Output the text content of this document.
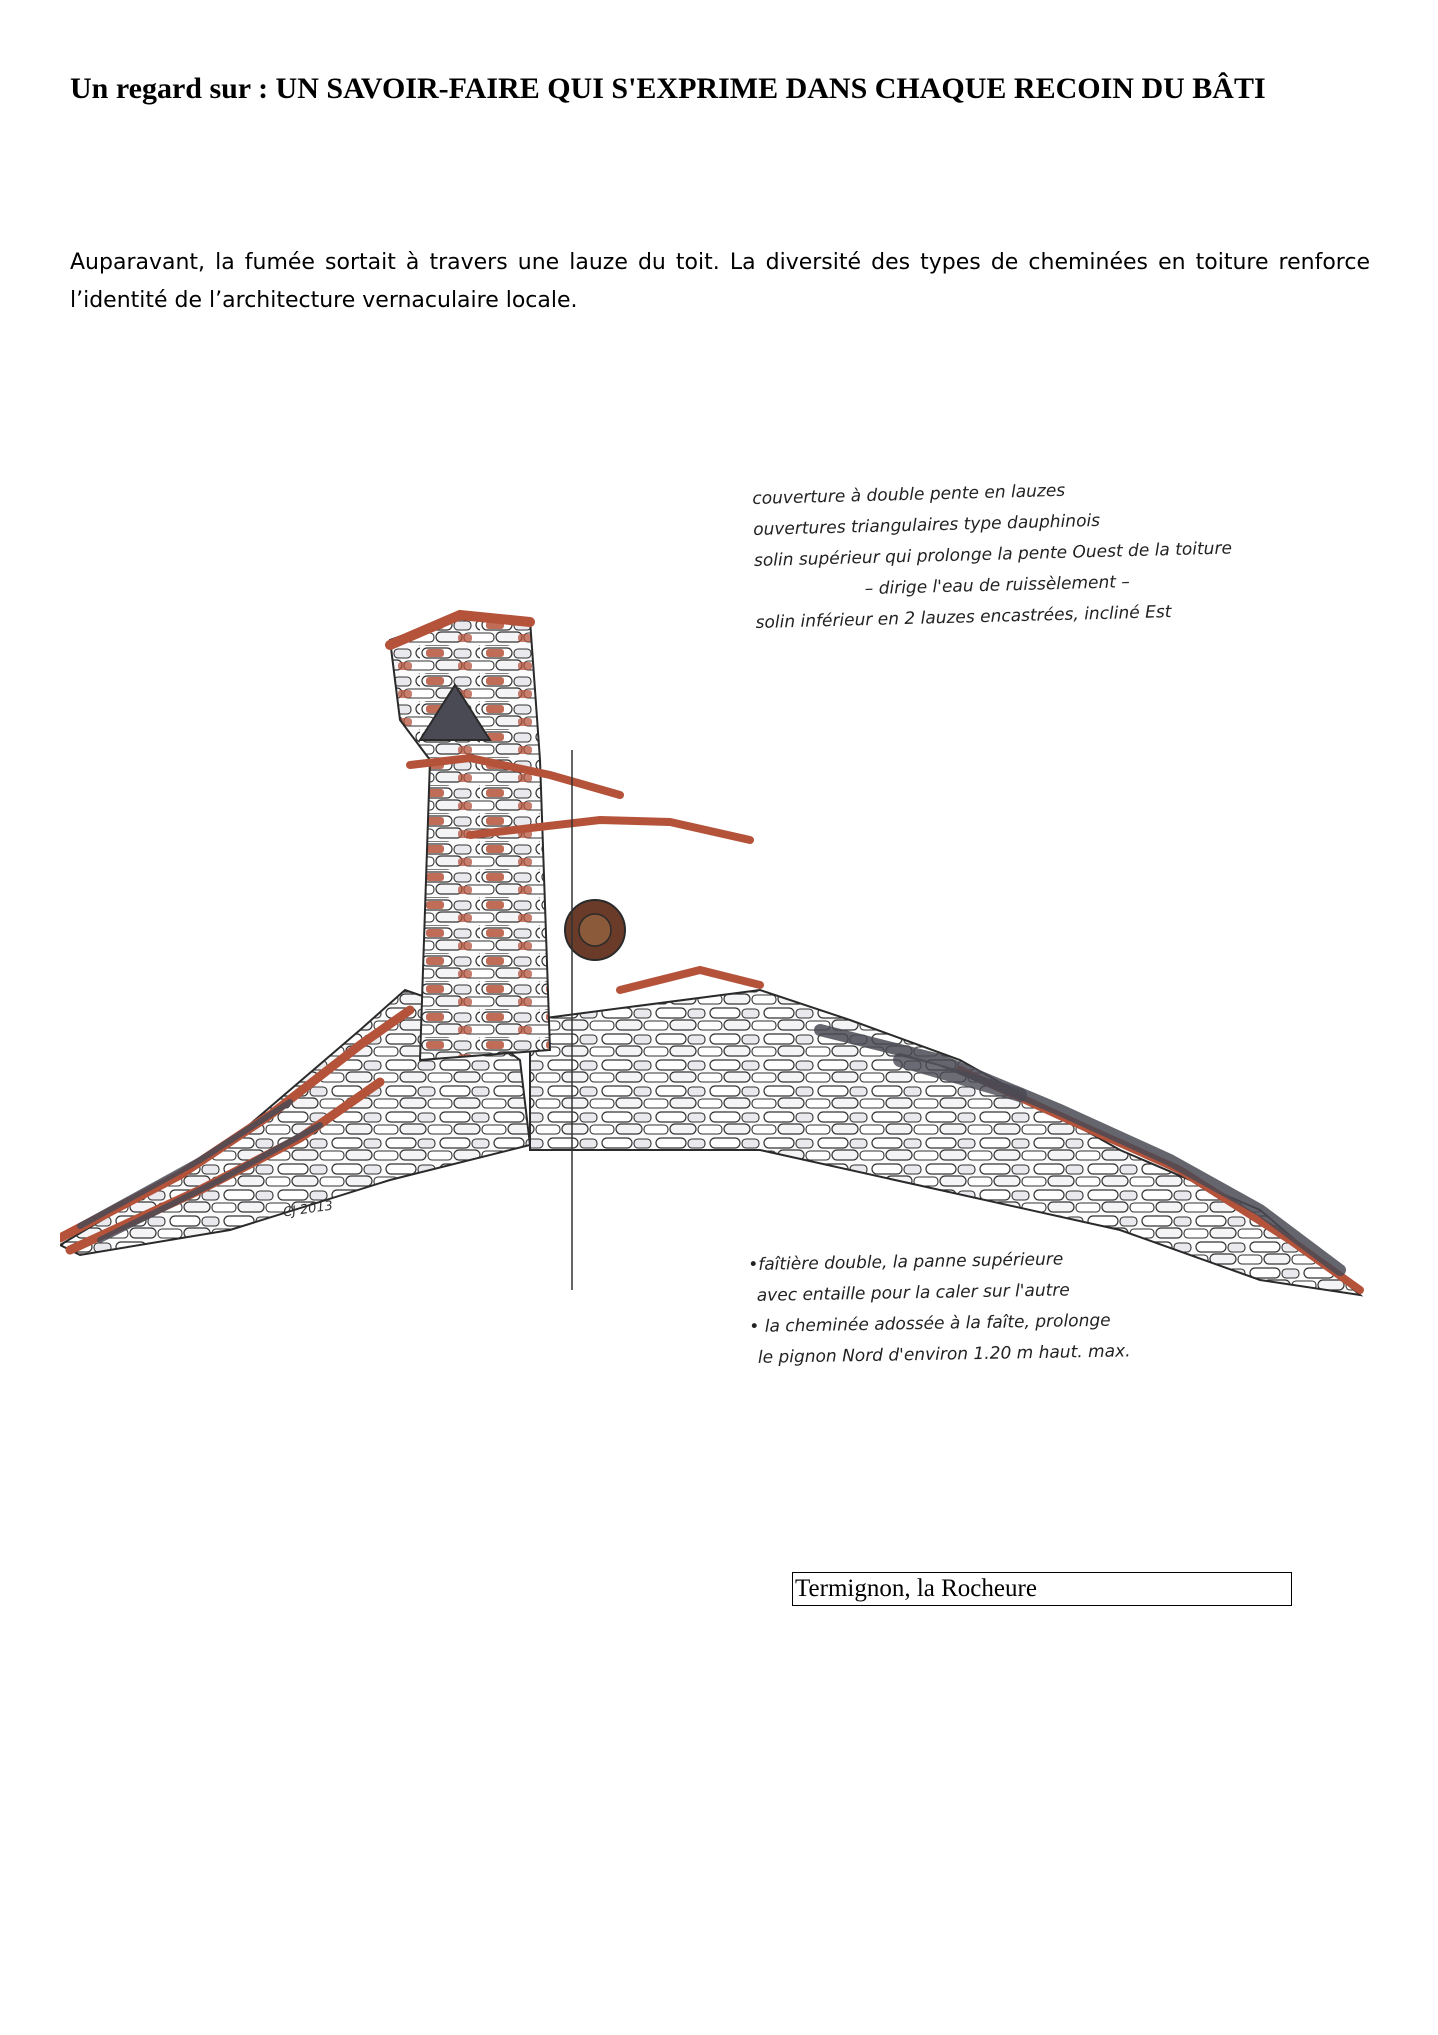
Un regard sur : UN SAVOIR-FAIRE QUI S'EXPRIME DANS CHAQUE RECOIN DU BÂTI
Auparavant, la fumée sortait à travers une lauze du toit. La diversité des types de cheminées en toiture renforce l’identité de l’architecture vernaculaire locale.
couverture à double pente en lauzes
ouvertures triangulaires type dauphinois
solin supérieur qui prolonge la pente Ouest de la toiture
– dirige l'eau de ruissèlement –
solin inférieur en 2 lauzes encastrées, incliné Est
CJ 2013
•faîtière double, la panne supérieure
avec entaille pour la caler sur l'autre
• la cheminée adossée à la faîte, prolonge
le pignon Nord d'environ 1.20 m haut. max.
Termignon, la Rocheure
